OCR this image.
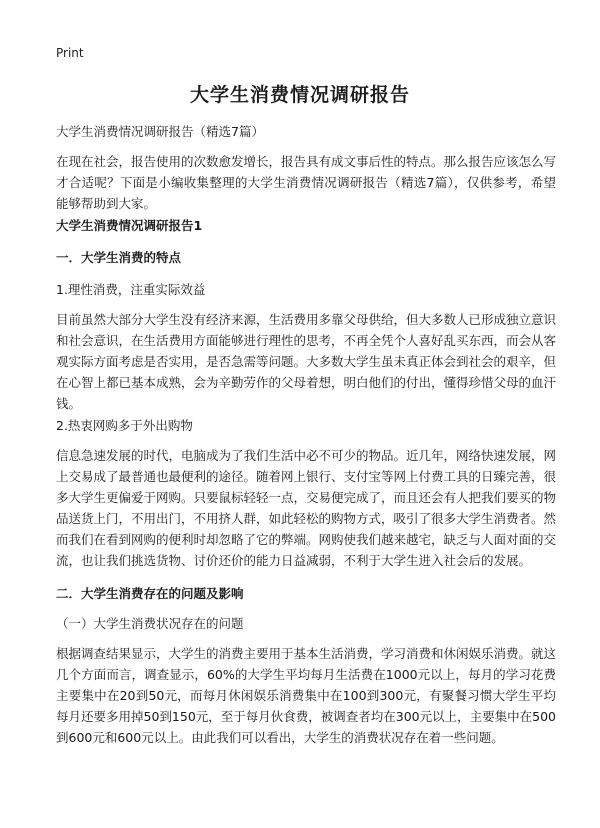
Print
大学生消费情况调研报告
大学生消费情况调研报告（精选7篇）
在现在社会，报告使用的次数愈发增长，报告具有成文事后性的特点。那么报告应该怎么写才合适呢？下面是小编收集整理的大学生消费情况调研报告（精选7篇），仅供参考，希望能够帮助到大家。
大学生消费情况调研报告1
一．大学生消费的特点
1.理性消费，注重实际效益
目前虽然大部分大学生没有经济来源，生活费用多靠父母供给，但大多数人已形成独立意识和社会意识，在生活费用方面能够进行理性的思考，不再全凭个人喜好乱买东西，而会从客观实际方面考虑是否实用，是否急需等问题。大多数大学生虽未真正体会到社会的艰辛，但在心智上都已基本成熟，会为辛勤劳作的父母着想，明白他们的付出，懂得珍惜父母的血汗钱。
2.热衷网购多于外出购物
信息急速发展的时代，电脑成为了我们生活中必不可少的物品。近几年，网络快速发展，网上交易成了最普通也最便利的途径。随着网上银行、支付宝等网上付费工具的日臻完善，很多大学生更偏爱于网购。只要鼠标轻轻一点，交易便完成了，而且还会有人把我们要买的物品送货上门，不用出门，不用挤人群，如此轻松的购物方式，吸引了很多大学生消费者。然而我们在看到网购的便利时却忽略了它的弊端。网购使我们越来越宅，缺乏与人面对面的交流，也让我们挑选货物、讨价还价的能力日益减弱，不利于大学生进入社会后的发展。
二．大学生消费存在的问题及影响
（一）大学生消费状况存在的问题
根据调查结果显示，大学生的消费主要用于基本生活消费，学习消费和休闲娱乐消费。就这几个方面而言，调查显示，60%的大学生平均每月生活费在1000元以上，每月的学习花费主要集中在20到50元，而每月休闲娱乐消费集中在100到300元，有聚餐习惯大学生平均每月还要多用掉50到150元，至于每月伙食费，被调查者均在300元以上，主要集中在500到600元和600元以上。由此我们可以看出，大学生的消费状况存在着一些问题。
